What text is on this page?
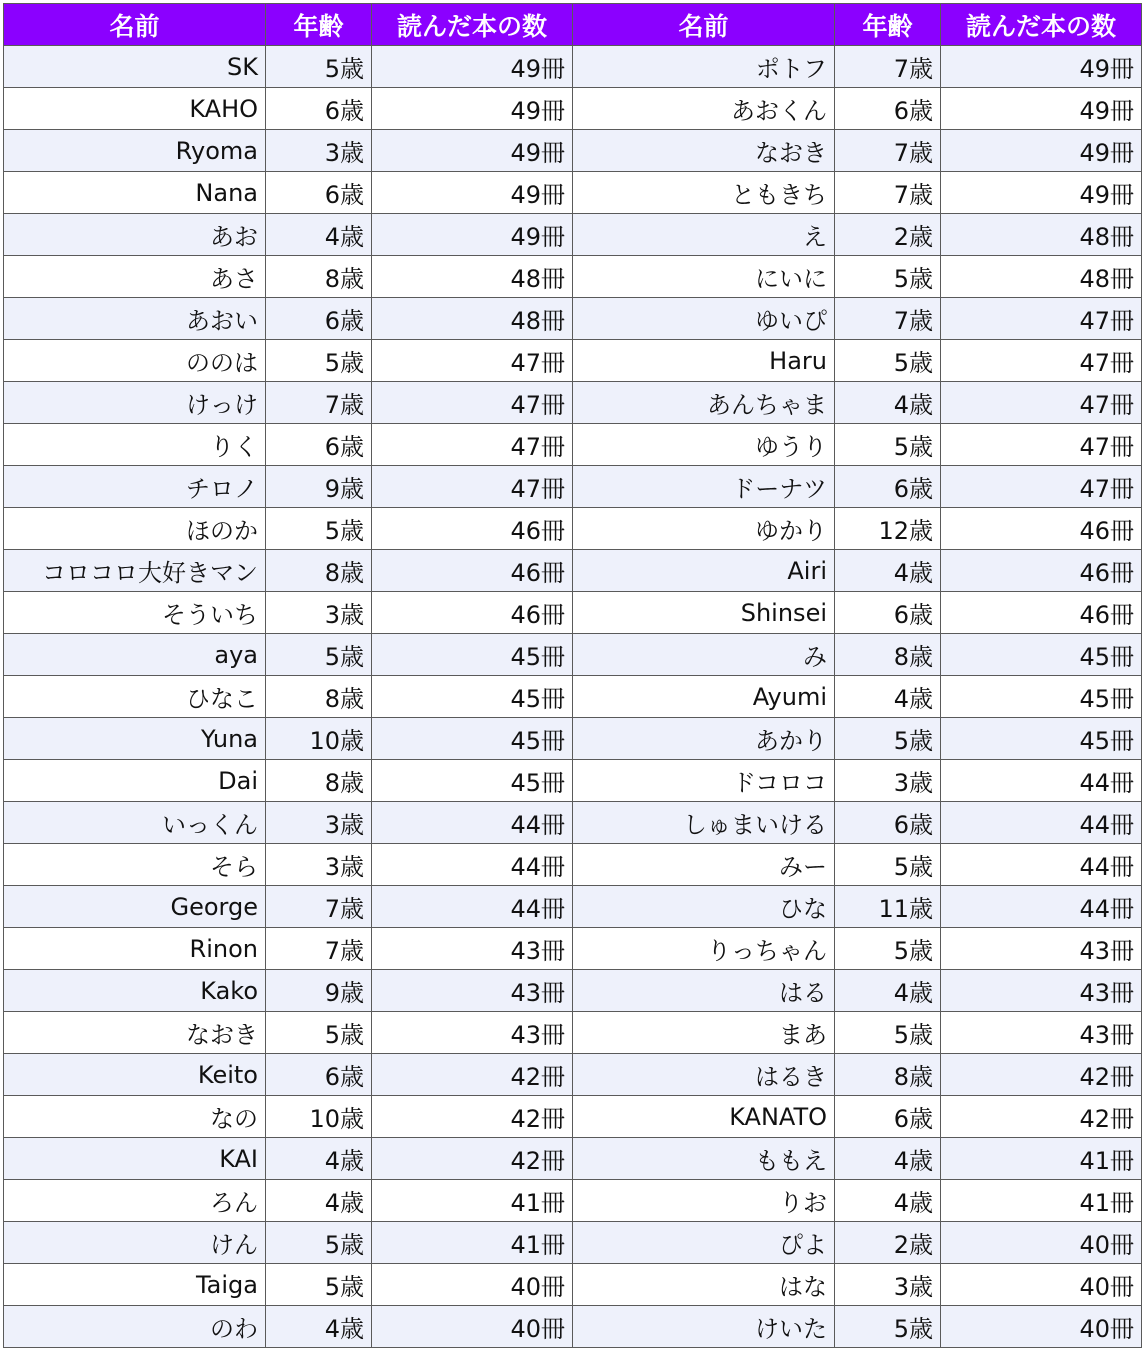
名前	年齢	読んだ本の数	名前	年齢	読んだ本の数
SK	5歳	49冊	ポトフ	7歳	49冊
KAHO	6歳	49冊	あおくん	6歳	49冊
Ryoma	3歳	49冊	なおき	7歳	49冊
Nana	6歳	49冊	ともきち	7歳	49冊
あお	4歳	49冊	え	2歳	48冊
あさ	8歳	48冊	にいに	5歳	48冊
あおい	6歳	48冊	ゆいぴ	7歳	47冊
ののは	5歳	47冊	Haru	5歳	47冊
けっけ	7歳	47冊	あんちゃま	4歳	47冊
りく	6歳	47冊	ゆうり	5歳	47冊
チロノ	9歳	47冊	ドーナツ	6歳	47冊
ほのか	5歳	46冊	ゆかり	12歳	46冊
コロコロ大好きマン	8歳	46冊	Airi	4歳	46冊
そういち	3歳	46冊	Shinsei	6歳	46冊
aya	5歳	45冊	み	8歳	45冊
ひなこ	8歳	45冊	Ayumi	4歳	45冊
Yuna	10歳	45冊	あかり	5歳	45冊
Dai	8歳	45冊	ドコロコ	3歳	44冊
いっくん	3歳	44冊	しゅまいける	6歳	44冊
そら	3歳	44冊	みー	5歳	44冊
George	7歳	44冊	ひな	11歳	44冊
Rinon	7歳	43冊	りっちゃん	5歳	43冊
Kako	9歳	43冊	はる	4歳	43冊
なおき	5歳	43冊	まあ	5歳	43冊
Keito	6歳	42冊	はるき	8歳	42冊
なの	10歳	42冊	KANATO	6歳	42冊
KAI	4歳	42冊	ももえ	4歳	41冊
ろん	4歳	41冊	りお	4歳	41冊
けん	5歳	41冊	ぴよ	2歳	40冊
Taiga	5歳	40冊	はな	3歳	40冊
のわ	4歳	40冊	けいた	5歳	40冊
